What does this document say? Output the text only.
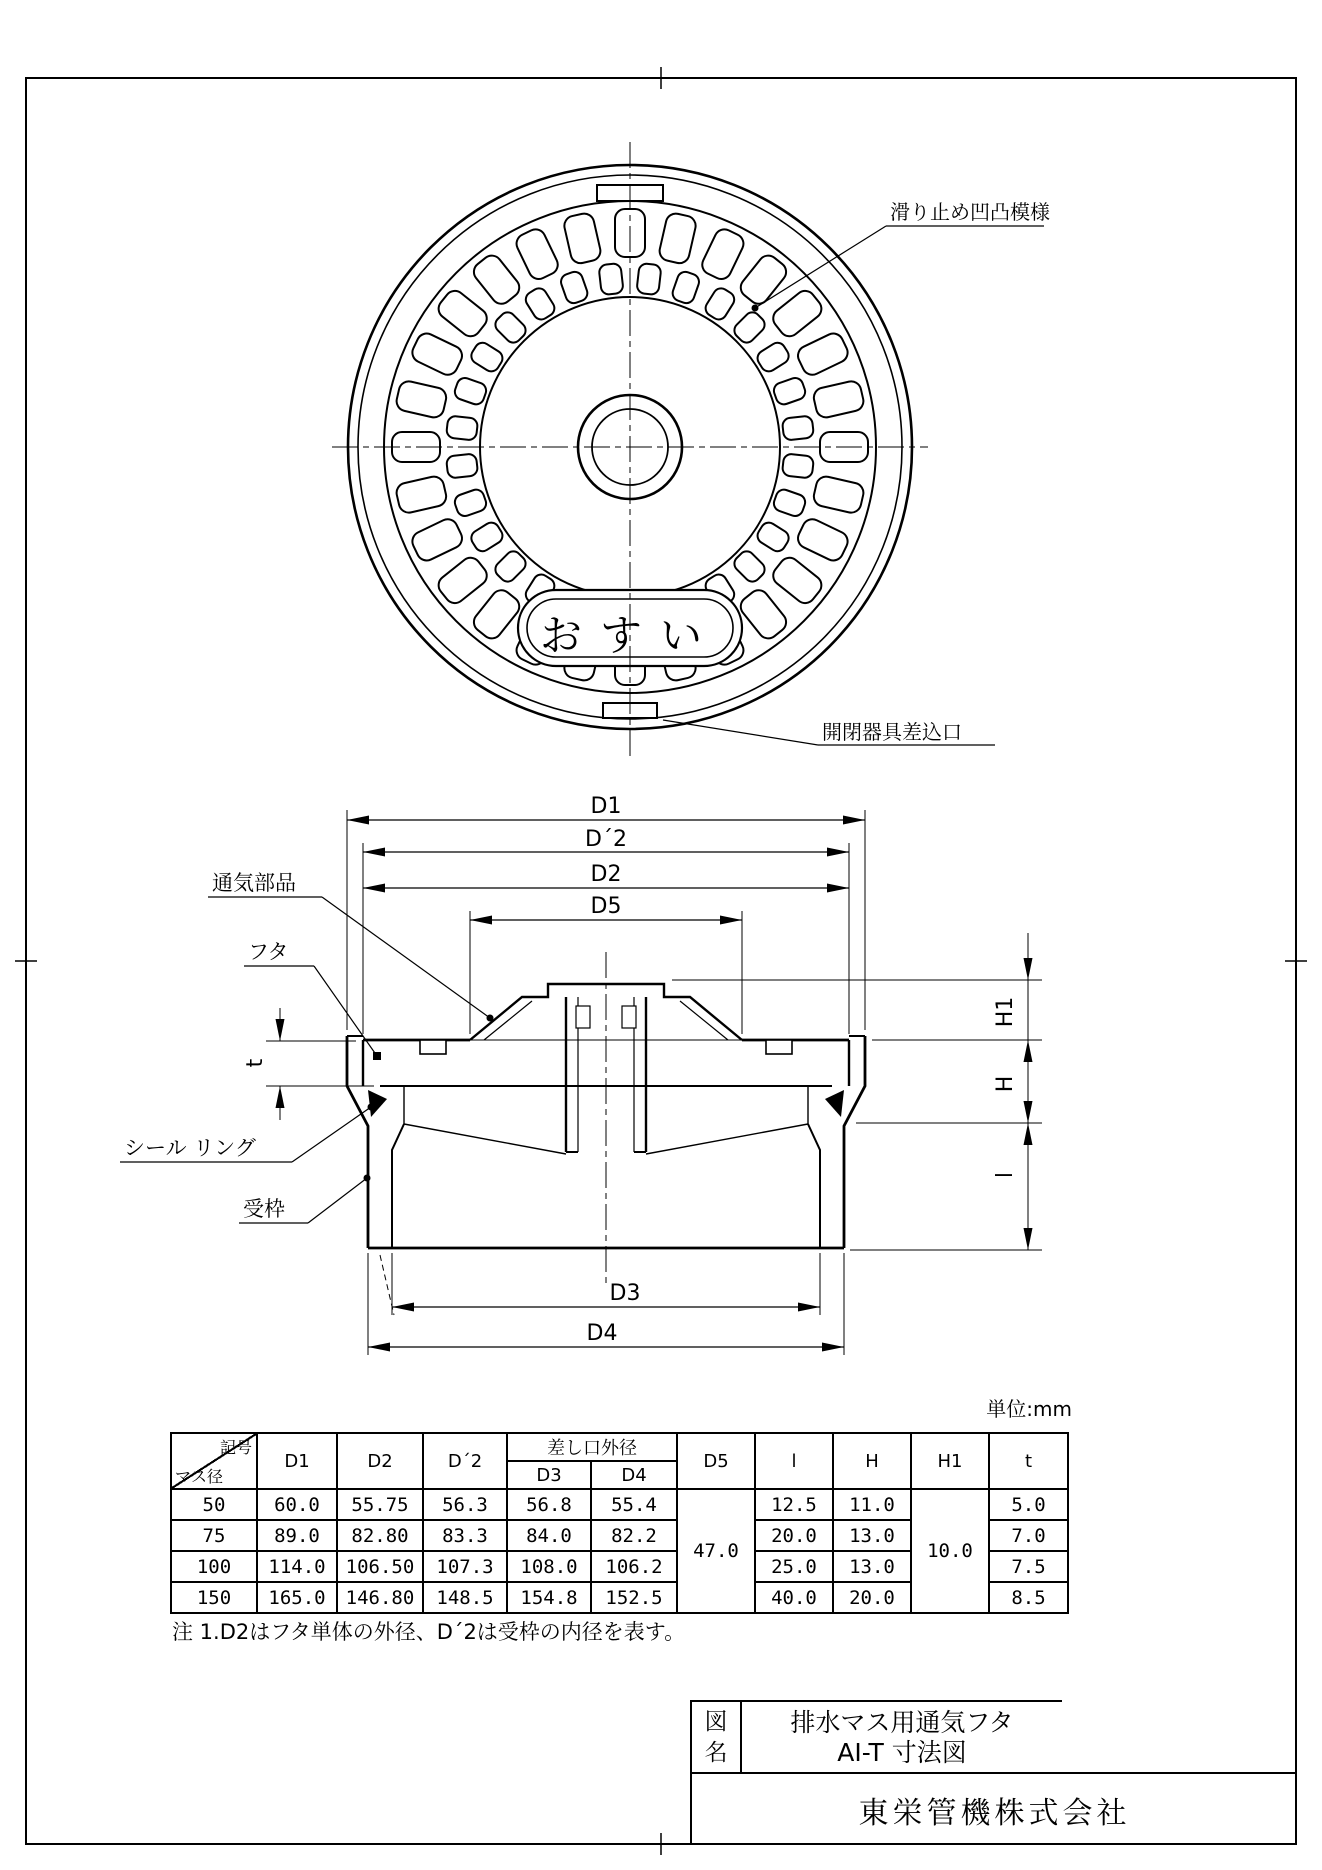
おすい
滑り止め凹凸模様
開閉器具差込口
D1
D´2
D2
D5
D3
D4
H1
H
l
t
通気部品
フタ
シール リング
受枠
単位:mm
記号
マス径	D1	D2	D´2	差し口外径		D5	l	H	H1	t
				D3	D4					
50	60.0	55.75	56.3	56.8	55.4	47.0	12.5	11.0	10.0	5.0
75	89.0	82.80	83.3	84.0	82.2		20.0	13.0		7.0
100	114.0	106.50	107.3	108.0	106.2		25.0	13.0		7.5
150	165.0	146.80	148.5	154.8	152.5		40.0	20.0		8.5
注 1.D2はフタ単体の外径、D´2は受枠の内径を表す。
図
名
排水マス用通気フタ
AI-T 寸法図
東栄管機株式会社
